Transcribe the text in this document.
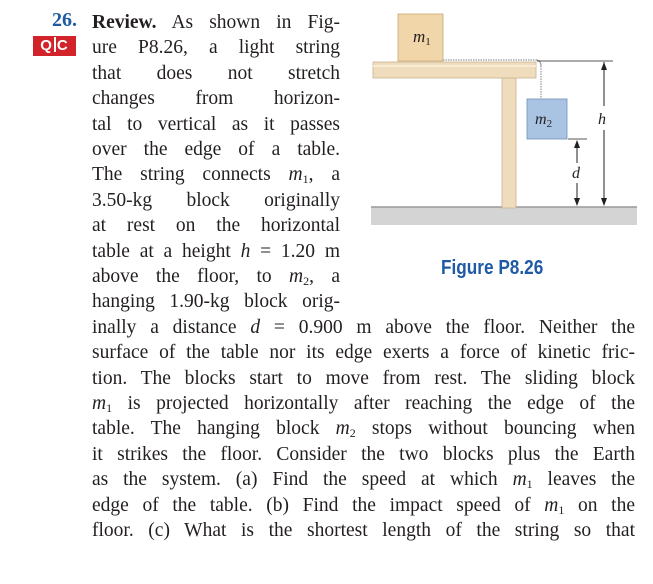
26.
Q C
Review. As shown in Fig-
ure P8.26, a light string
that does not stretch
changes from horizon-
tal to vertical as it passes
over the edge of a table.
The string connects $m_1$, a
3.50-kg block originally
at rest on the horizontal
table at a height h = 1.20 m
above the floor, to $m_2$, a
hanging 1.90-kg block orig-
inally a distance d = 0.900 m above the floor. Neither the
surface of the table nor its edge exerts a force of kinetic fric-
tion. The blocks start to move from rest. The sliding block
$m_1$ is projected horizontally after reaching the edge of the
table. The hanging block $m_2$ stops without bouncing when
it strikes the floor. Consider the two blocks plus the Earth
as the system. (a) Find the speed at which $m_1$ leaves the
edge of the table. (b) Find the impact speed of $m_1$ on the
floor. (c) What is the shortest length of the string so that
m1
m2
d
h
Figure P8.26
